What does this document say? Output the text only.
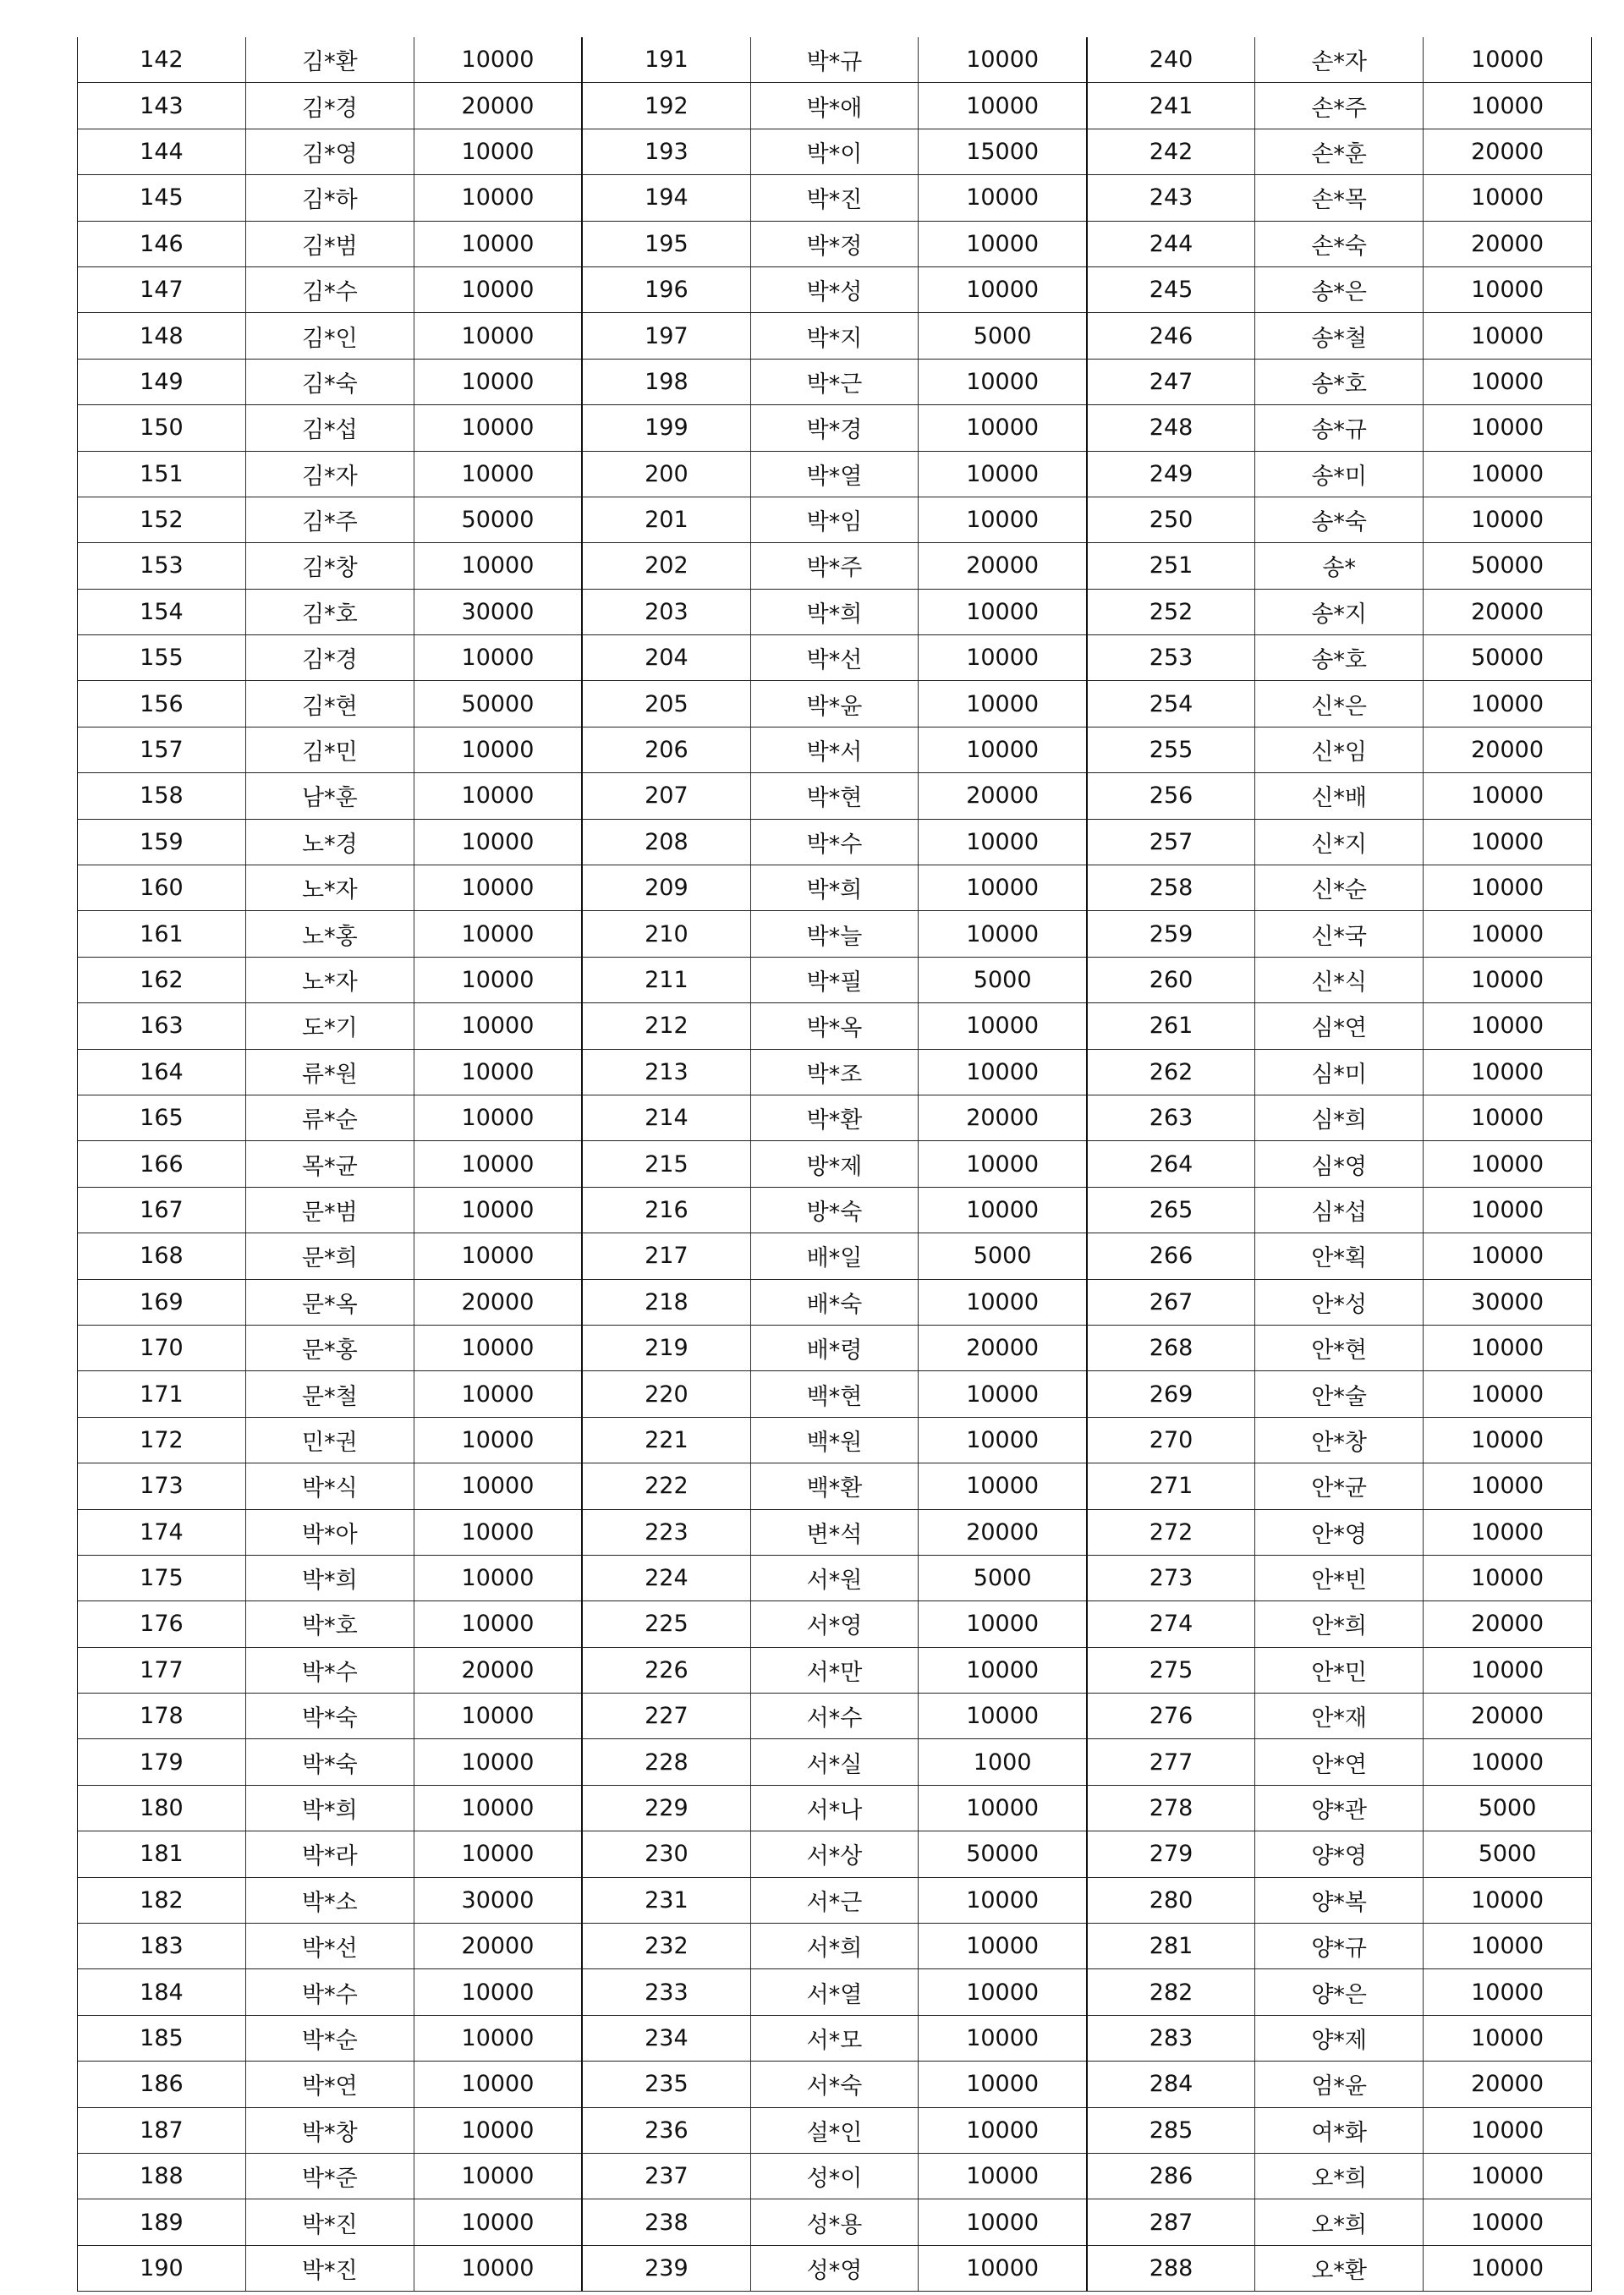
142	김*환	10000	191	박*규	10000	240	손*자	10000
143	김*경	20000	192	박*애	10000	241	손*주	10000
144	김*영	10000	193	박*이	15000	242	손*훈	20000
145	김*하	10000	194	박*진	10000	243	손*목	10000
146	김*범	10000	195	박*정	10000	244	손*숙	20000
147	김*수	10000	196	박*성	10000	245	송*은	10000
148	김*인	10000	197	박*지	5000	246	송*철	10000
149	김*숙	10000	198	박*근	10000	247	송*호	10000
150	김*섭	10000	199	박*경	10000	248	송*규	10000
151	김*자	10000	200	박*열	10000	249	송*미	10000
152	김*주	50000	201	박*임	10000	250	송*숙	10000
153	김*창	10000	202	박*주	20000	251	송*	50000
154	김*호	30000	203	박*희	10000	252	송*지	20000
155	김*경	10000	204	박*선	10000	253	송*호	50000
156	김*현	50000	205	박*윤	10000	254	신*은	10000
157	김*민	10000	206	박*서	10000	255	신*임	20000
158	남*훈	10000	207	박*현	20000	256	신*배	10000
159	노*경	10000	208	박*수	10000	257	신*지	10000
160	노*자	10000	209	박*희	10000	258	신*순	10000
161	노*홍	10000	210	박*늘	10000	259	신*국	10000
162	노*자	10000	211	박*필	5000	260	신*식	10000
163	도*기	10000	212	박*옥	10000	261	심*연	10000
164	류*원	10000	213	박*조	10000	262	심*미	10000
165	류*순	10000	214	박*환	20000	263	심*희	10000
166	목*균	10000	215	방*제	10000	264	심*영	10000
167	문*범	10000	216	방*숙	10000	265	심*섭	10000
168	문*희	10000	217	배*일	5000	266	안*획	10000
169	문*옥	20000	218	배*숙	10000	267	안*성	30000
170	문*홍	10000	219	배*령	20000	268	안*현	10000
171	문*철	10000	220	백*현	10000	269	안*술	10000
172	민*권	10000	221	백*원	10000	270	안*창	10000
173	박*식	10000	222	백*환	10000	271	안*균	10000
174	박*아	10000	223	변*석	20000	272	안*영	10000
175	박*희	10000	224	서*원	5000	273	안*빈	10000
176	박*호	10000	225	서*영	10000	274	안*희	20000
177	박*수	20000	226	서*만	10000	275	안*민	10000
178	박*숙	10000	227	서*수	10000	276	안*재	20000
179	박*숙	10000	228	서*실	1000	277	안*연	10000
180	박*희	10000	229	서*나	10000	278	양*관	5000
181	박*라	10000	230	서*상	50000	279	양*영	5000
182	박*소	30000	231	서*근	10000	280	양*복	10000
183	박*선	20000	232	서*희	10000	281	양*규	10000
184	박*수	10000	233	서*열	10000	282	양*은	10000
185	박*순	10000	234	서*모	10000	283	양*제	10000
186	박*연	10000	235	서*숙	10000	284	엄*윤	20000
187	박*창	10000	236	설*인	10000	285	여*화	10000
188	박*준	10000	237	성*이	10000	286	오*희	10000
189	박*진	10000	238	성*용	10000	287	오*희	10000
190	박*진	10000	239	성*영	10000	288	오*환	10000
